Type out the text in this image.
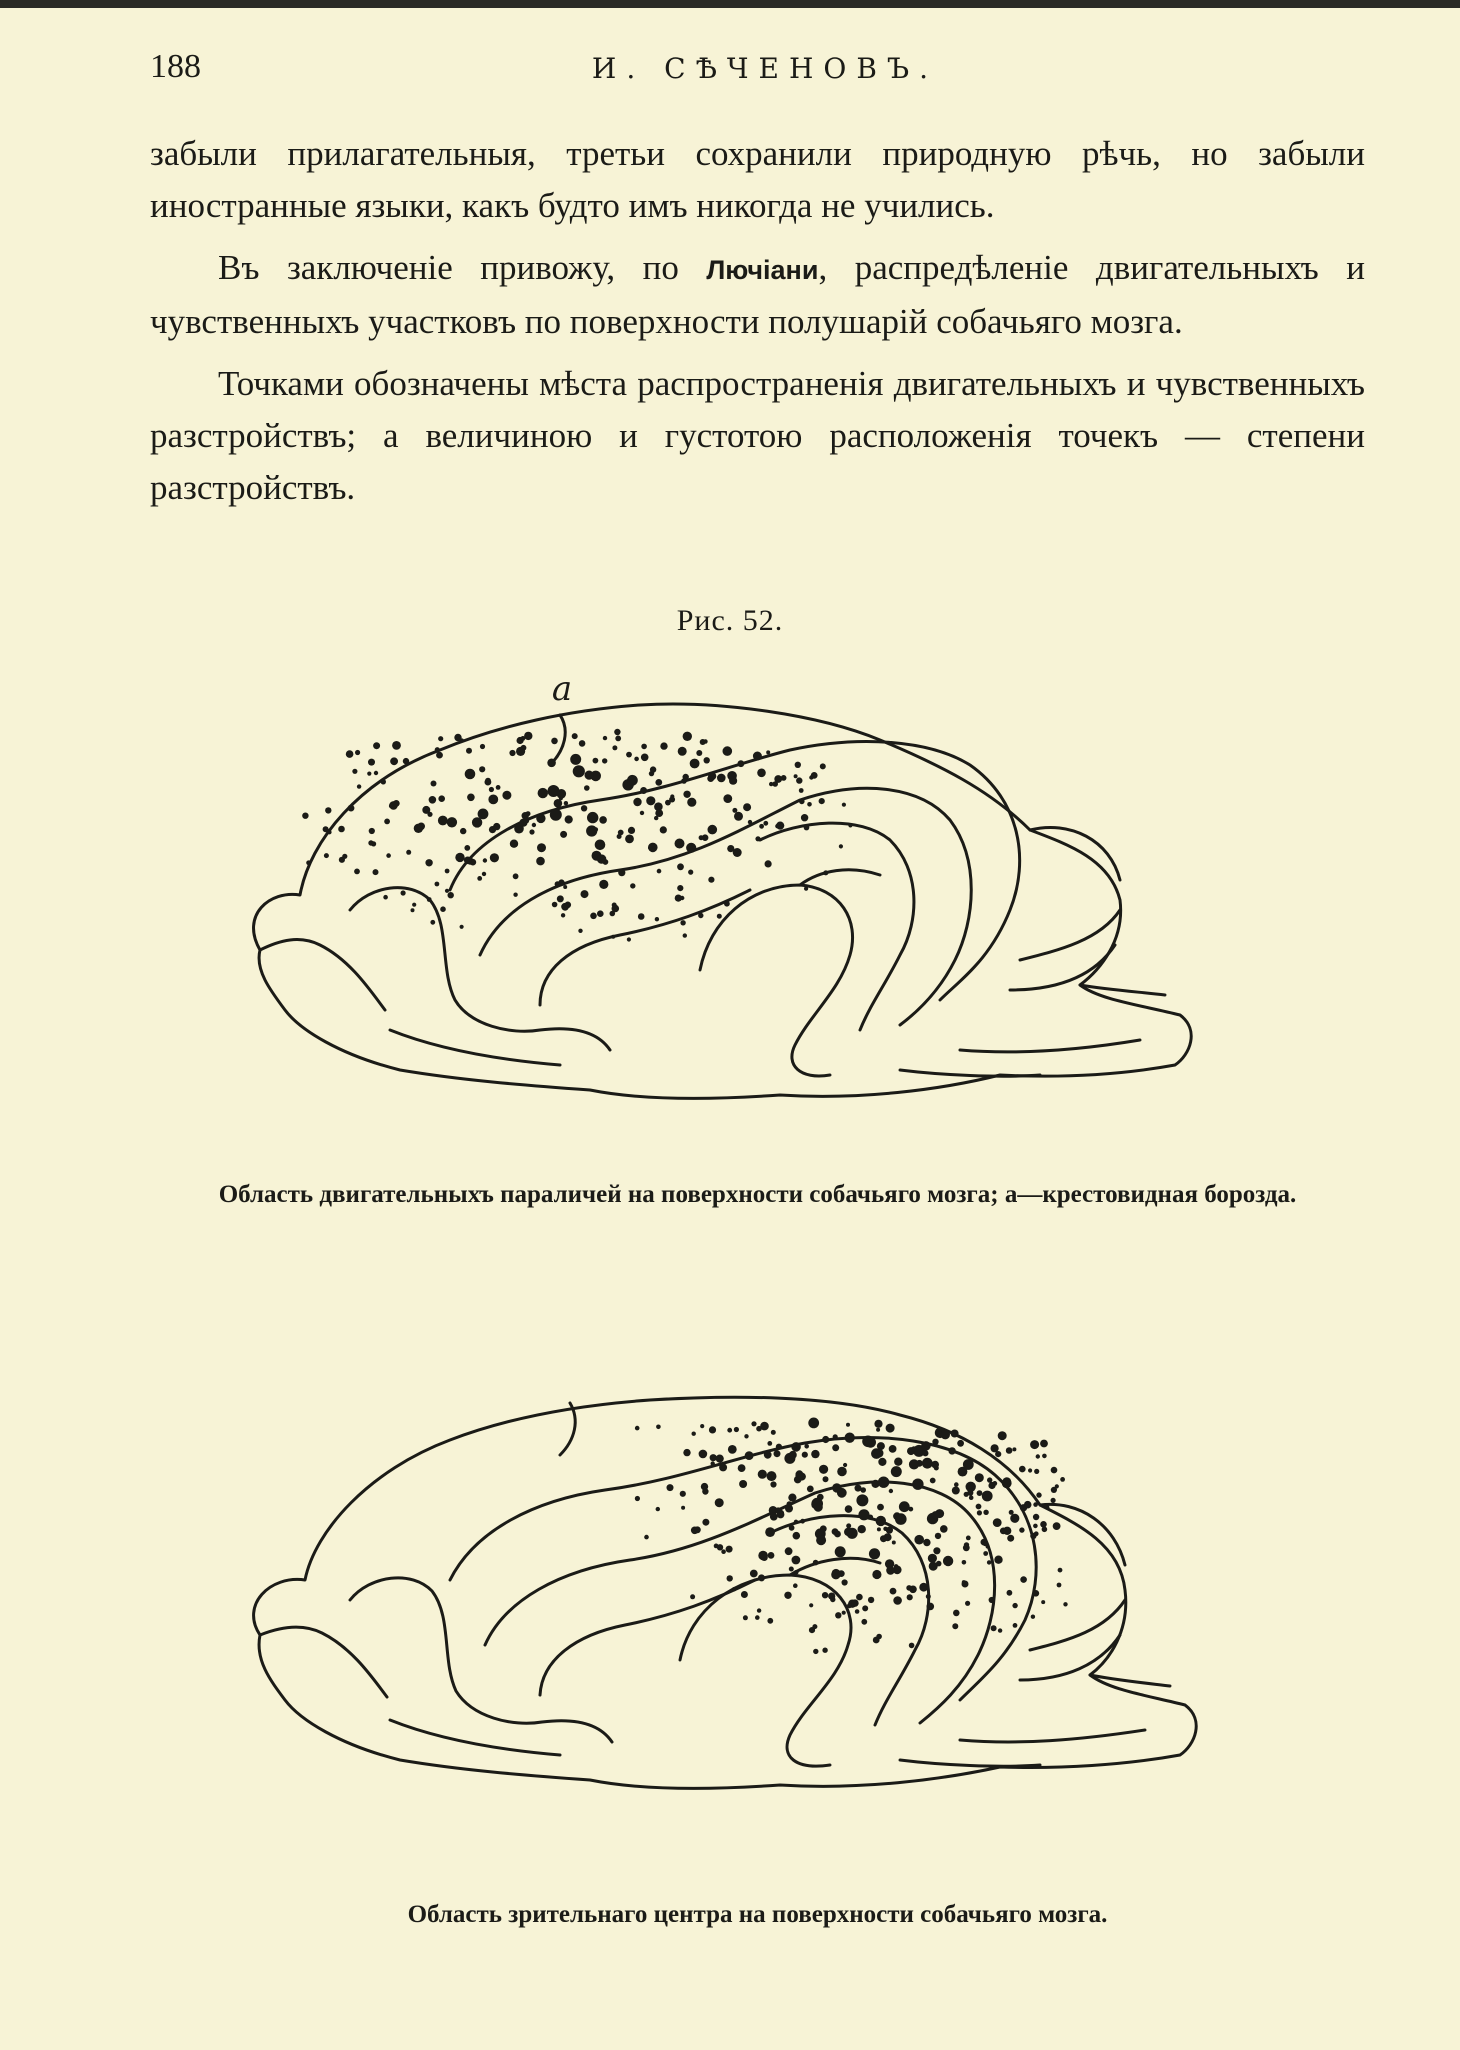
188	И. СѢЧЕНОВЪ.

забыли прилагательныя, третьи сохранили природную рѣчь, но забыли иностранные языки, какъ будто имъ никогда не учились.

Въ заключенiе привожу, по Лючiани, распредѣленiе двигательныхъ и чувственныхъ участковъ по поверхности полушарiй собачьяго мозга.

Точками обозначены мѣста распространенiя двигательныхъ и чувственныхъ разстройствъ; а величиною и густотою расположенiя точекъ — степени разстройствъ.

Рис. 52.
a
Область двигательныхъ параличей на поверхности собачьяго мозга; а—крестовидная борозда.
Область зрительнаго центра на поверхности собачьяго мозга.
